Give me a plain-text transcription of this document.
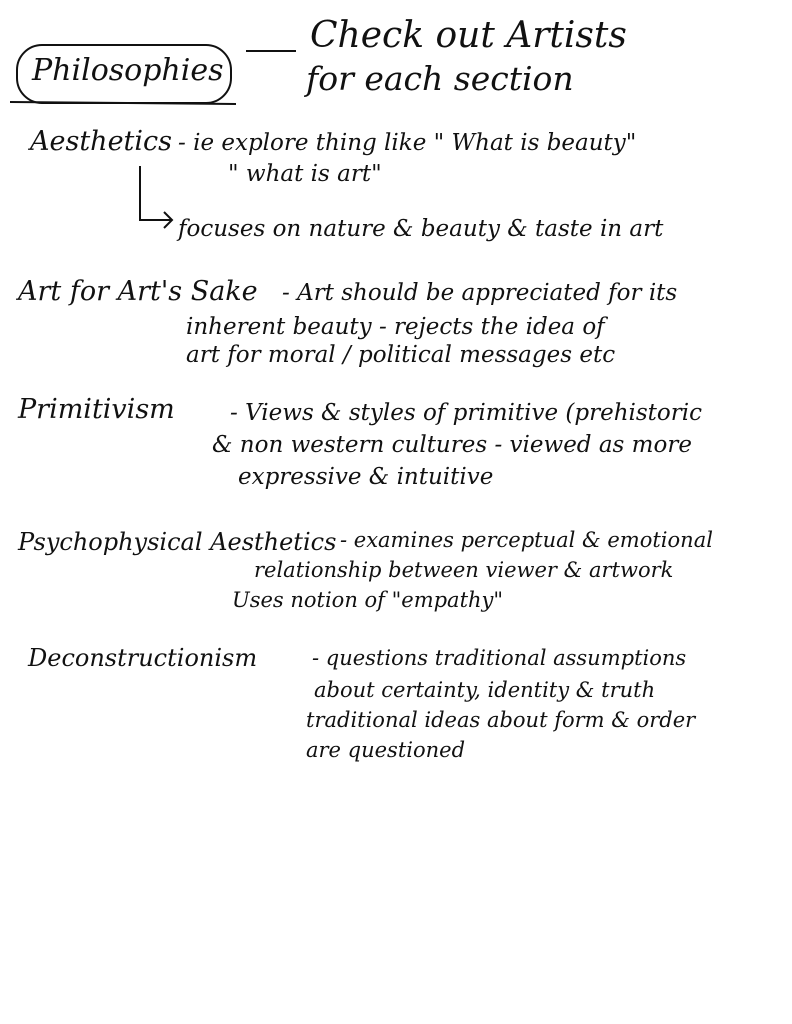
Philosophies
Check out Artists
for each section
Aesthetics - ie explore thing like " What is beauty"
" what is art"
focuses on nature & beauty & taste in art
Art for Art's Sake - Art should be appreciated for its
inherent beauty - rejects the idea of
art for moral / political messages etc
Primitivism - Views & styles of primitive (prehistoric
& non western cultures - viewed as more
expressive & intuitive
Psychophysical Aesthetics - examines perceptual & emotional
relationship between viewer & artwork
Uses notion of "empathy"
Deconstructionism	- questions traditional assumptions
about certainty, identity & truth
traditional ideas about form & order
are questioned
